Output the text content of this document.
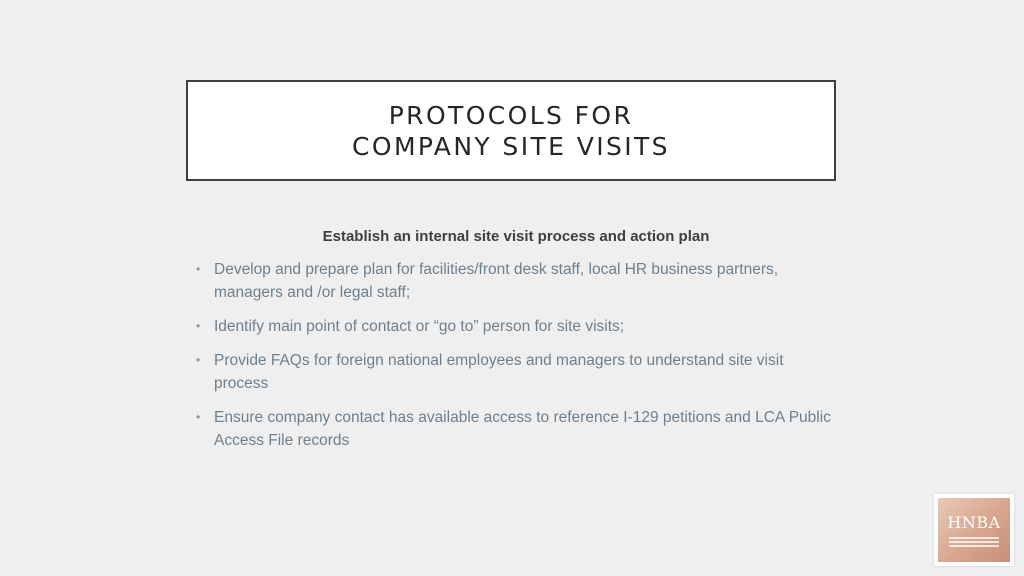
PROTOCOLS FOR
COMPANY SITE VISITS
Establish an internal site visit process and action plan
• Develop and prepare plan for facilities/front desk staff, local HR business partners, managers and /or legal staff;
• Identify main point of contact or “go to” person for site visits;
• Provide FAQs for foreign national employees and managers to understand site visit process
• Ensure company contact has available access to reference I-129 petitions and LCA Public Access File records
HNBA
